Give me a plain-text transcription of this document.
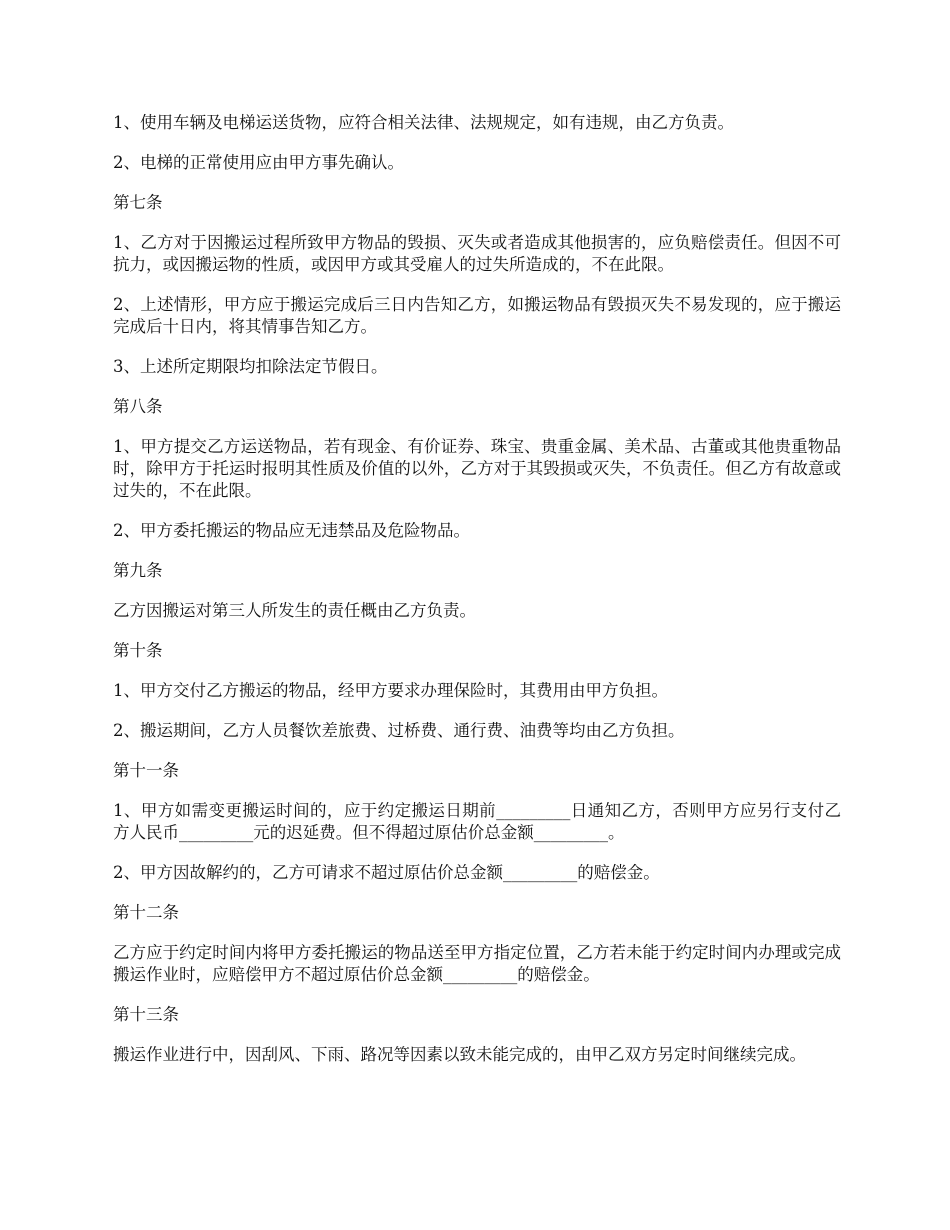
1、使用车辆及电梯运送货物，应符合相关法律、法规规定，如有违规，由乙方负责。

2、电梯的正常使用应由甲方事先确认。

第七条

1、乙方对于因搬运过程所致甲方物品的毁损、灭失或者造成其他损害的，应负赔偿责任。但因不可抗力，或因搬运物的性质，或因甲方或其受雇人的过失所造成的，不在此限。

2、上述情形，甲方应于搬运完成后三日内告知乙方，如搬运物品有毁损灭失不易发现的，应于搬运完成后十日内，将其情事告知乙方。

3、上述所定期限均扣除法定节假日。

第八条

1、甲方提交乙方运送物品，若有现金、有价证券、珠宝、贵重金属、美术品、古董或其他贵重物品时，除甲方于托运时报明其性质及价值的以外，乙方对于其毁损或灭失，不负责任。但乙方有故意或过失的，不在此限。

2、甲方委托搬运的物品应无违禁品及危险物品。

第九条

乙方因搬运对第三人所发生的责任概由乙方负责。

第十条

1、甲方交付乙方搬运的物品，经甲方要求办理保险时，其费用由甲方负担。

2、搬运期间，乙方人员餐饮差旅费、过桥费、通行费、油费等均由乙方负担。

第十一条

1、甲方如需变更搬运时间的，应于约定搬运日期前_________日通知乙方，否则甲方应另行支付乙方人民币_________元的迟延费。但不得超过原估价总金额_________。

2、甲方因故解约的，乙方可请求不超过原估价总金额_________的赔偿金。

第十二条

乙方应于约定时间内将甲方委托搬运的物品送至甲方指定位置，乙方若未能于约定时间内办理或完成搬运作业时，应赔偿甲方不超过原估价总金额_________的赔偿金。

第十三条

搬运作业进行中，因刮风、下雨、路况等因素以致未能完成的，由甲乙双方另定时间继续完成。
